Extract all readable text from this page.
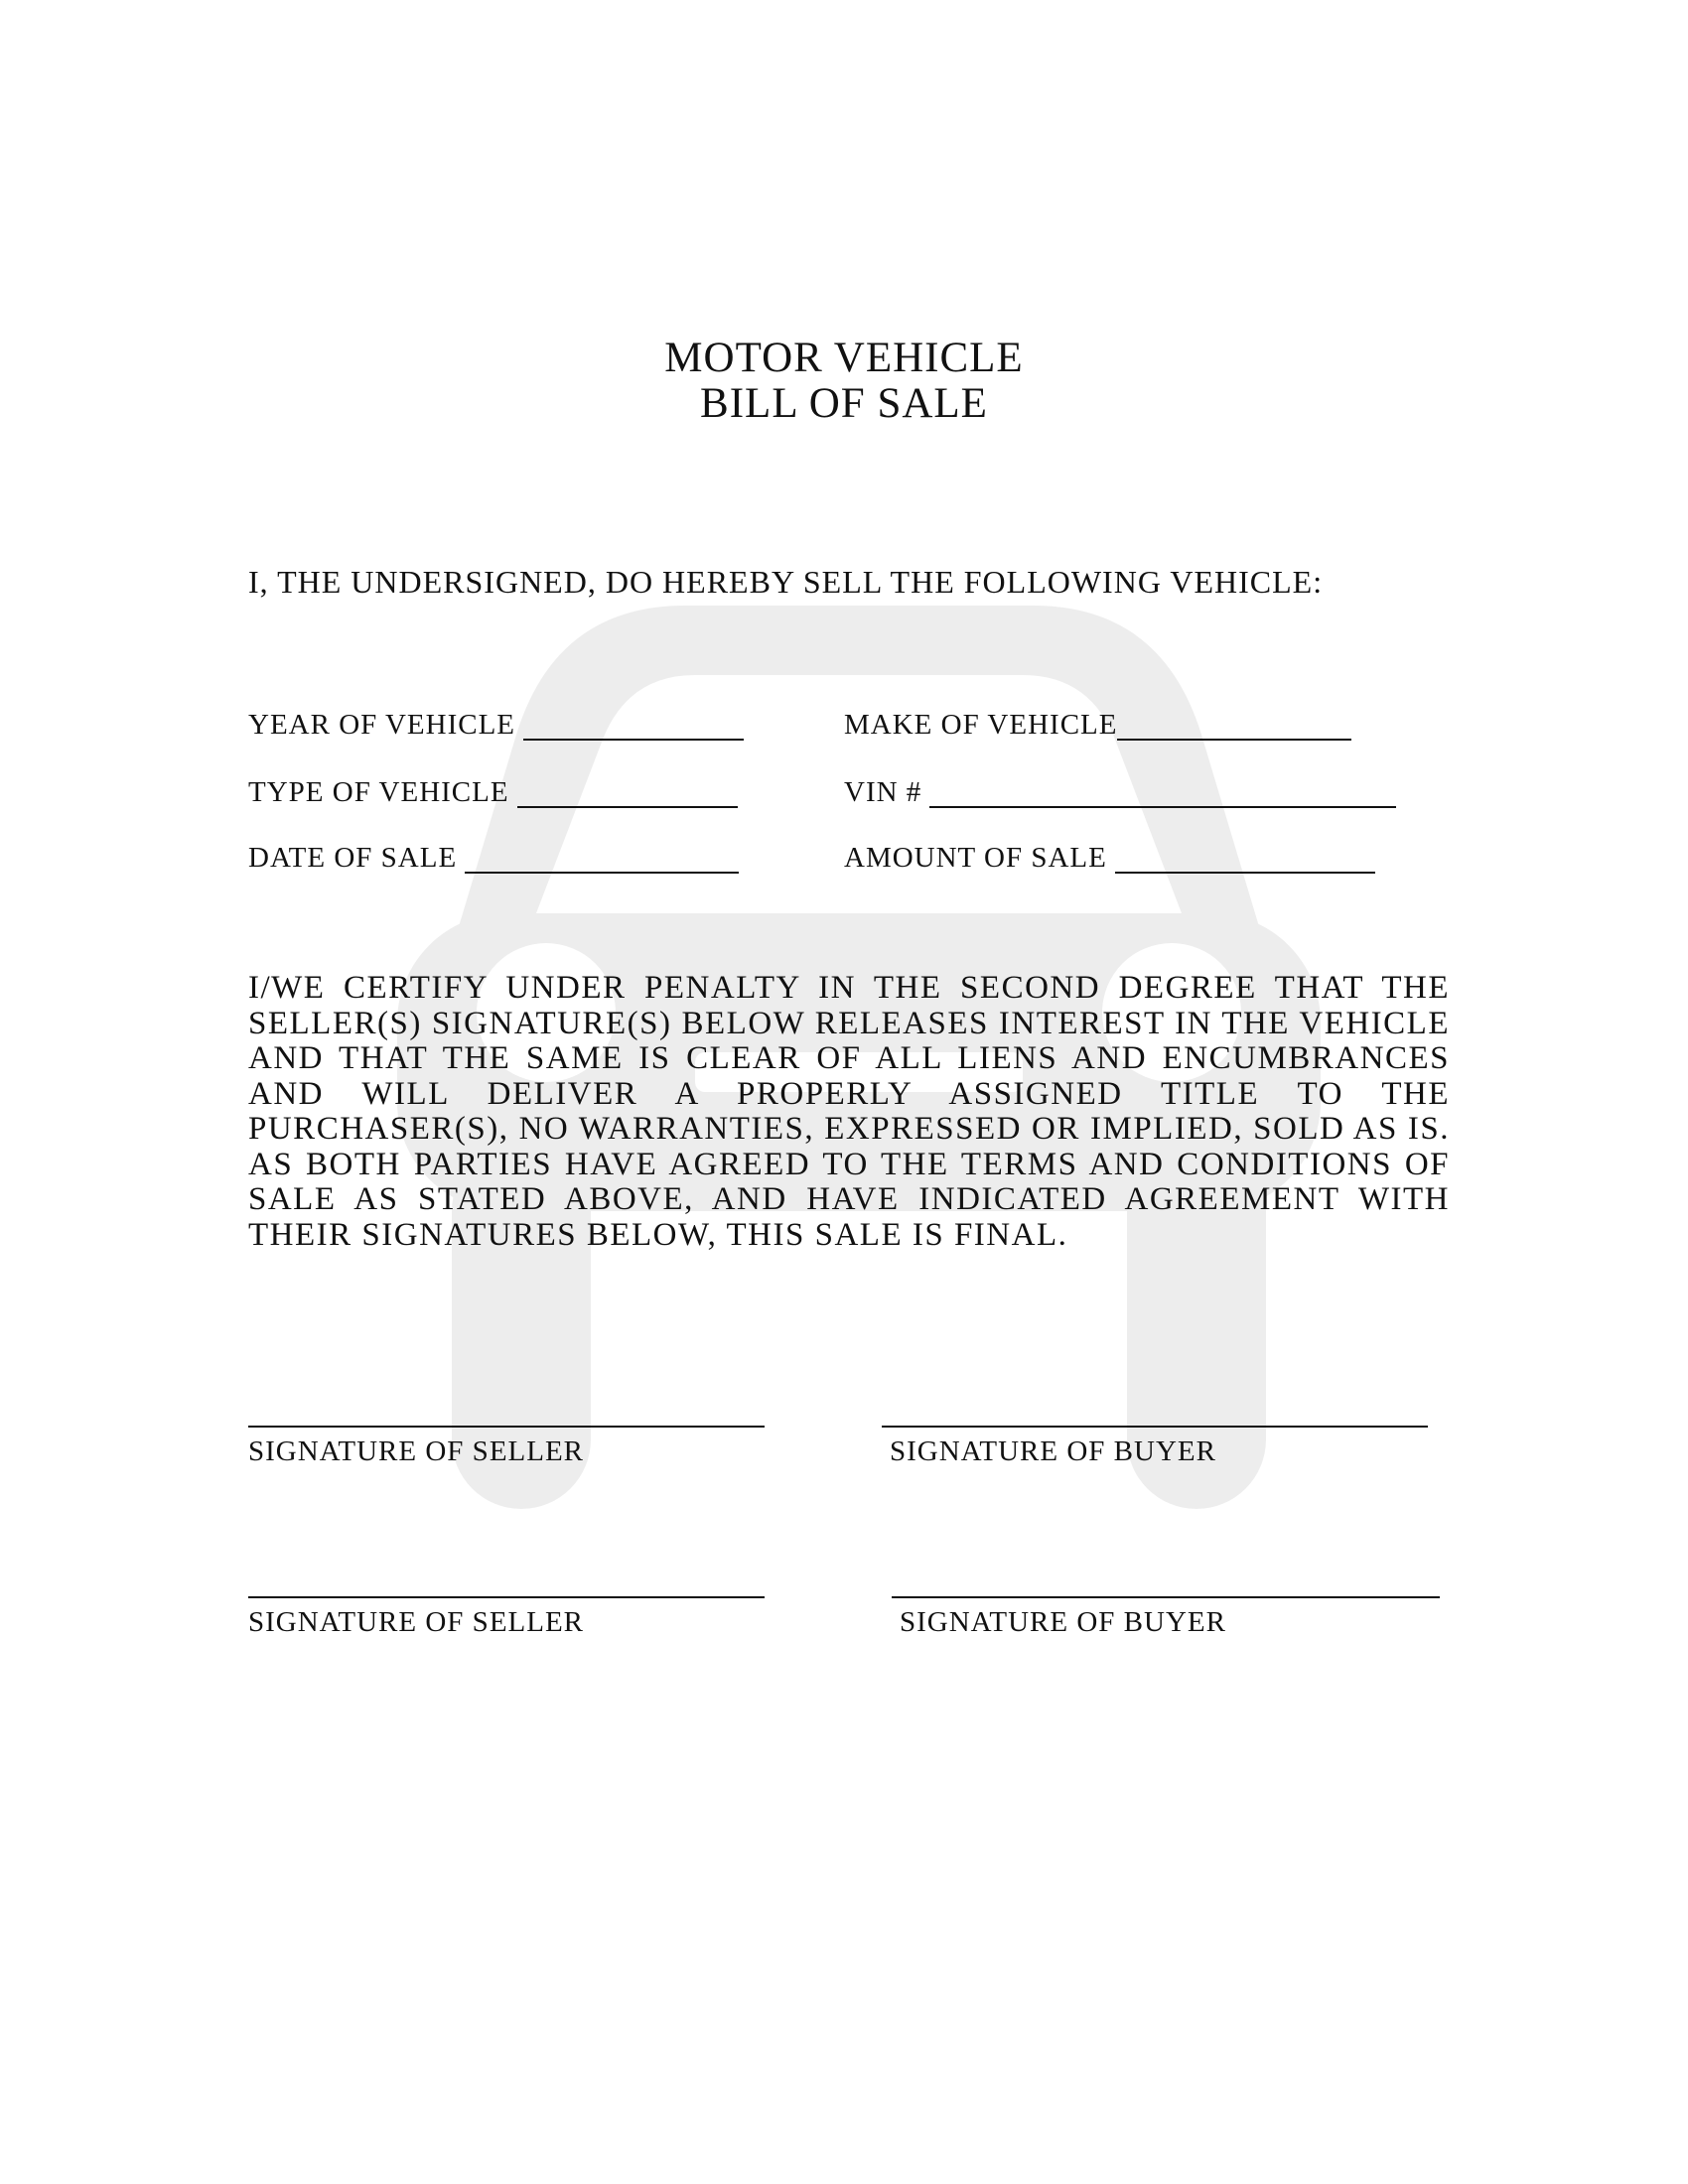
MOTOR VEHICLE
BILL OF SALE
I, THE UNDERSIGNED, DO HEREBY SELL THE FOLLOWING VEHICLE:
YEAR OF VEHICLE	MAKE OF VEHICLE
TYPE OF VEHICLE	VIN #
DATE OF SALE	AMOUNT OF SALE
I/WE CERTIFY UNDER PENALTY IN THE SECOND DEGREE THAT THE SELLER(S) SIGNATURE(S) BELOW RELEASES INTEREST IN THE VEHICLE AND THAT THE SAME IS CLEAR OF ALL LIENS AND ENCUMBRANCES AND WILL DELIVER A PROPERLY ASSIGNED TITLE TO THE PURCHASER(S), NO WARRANTIES, EXPRESSED OR IMPLIED, SOLD AS IS. AS BOTH PARTIES HAVE AGREED TO THE TERMS AND CONDITIONS OF SALE AS STATED ABOVE, AND HAVE INDICATED AGREEMENT WITH THEIR SIGNATURES BELOW, THIS SALE IS FINAL.
SIGNATURE OF SELLER	SIGNATURE OF BUYER
SIGNATURE OF SELLER	SIGNATURE OF BUYER
